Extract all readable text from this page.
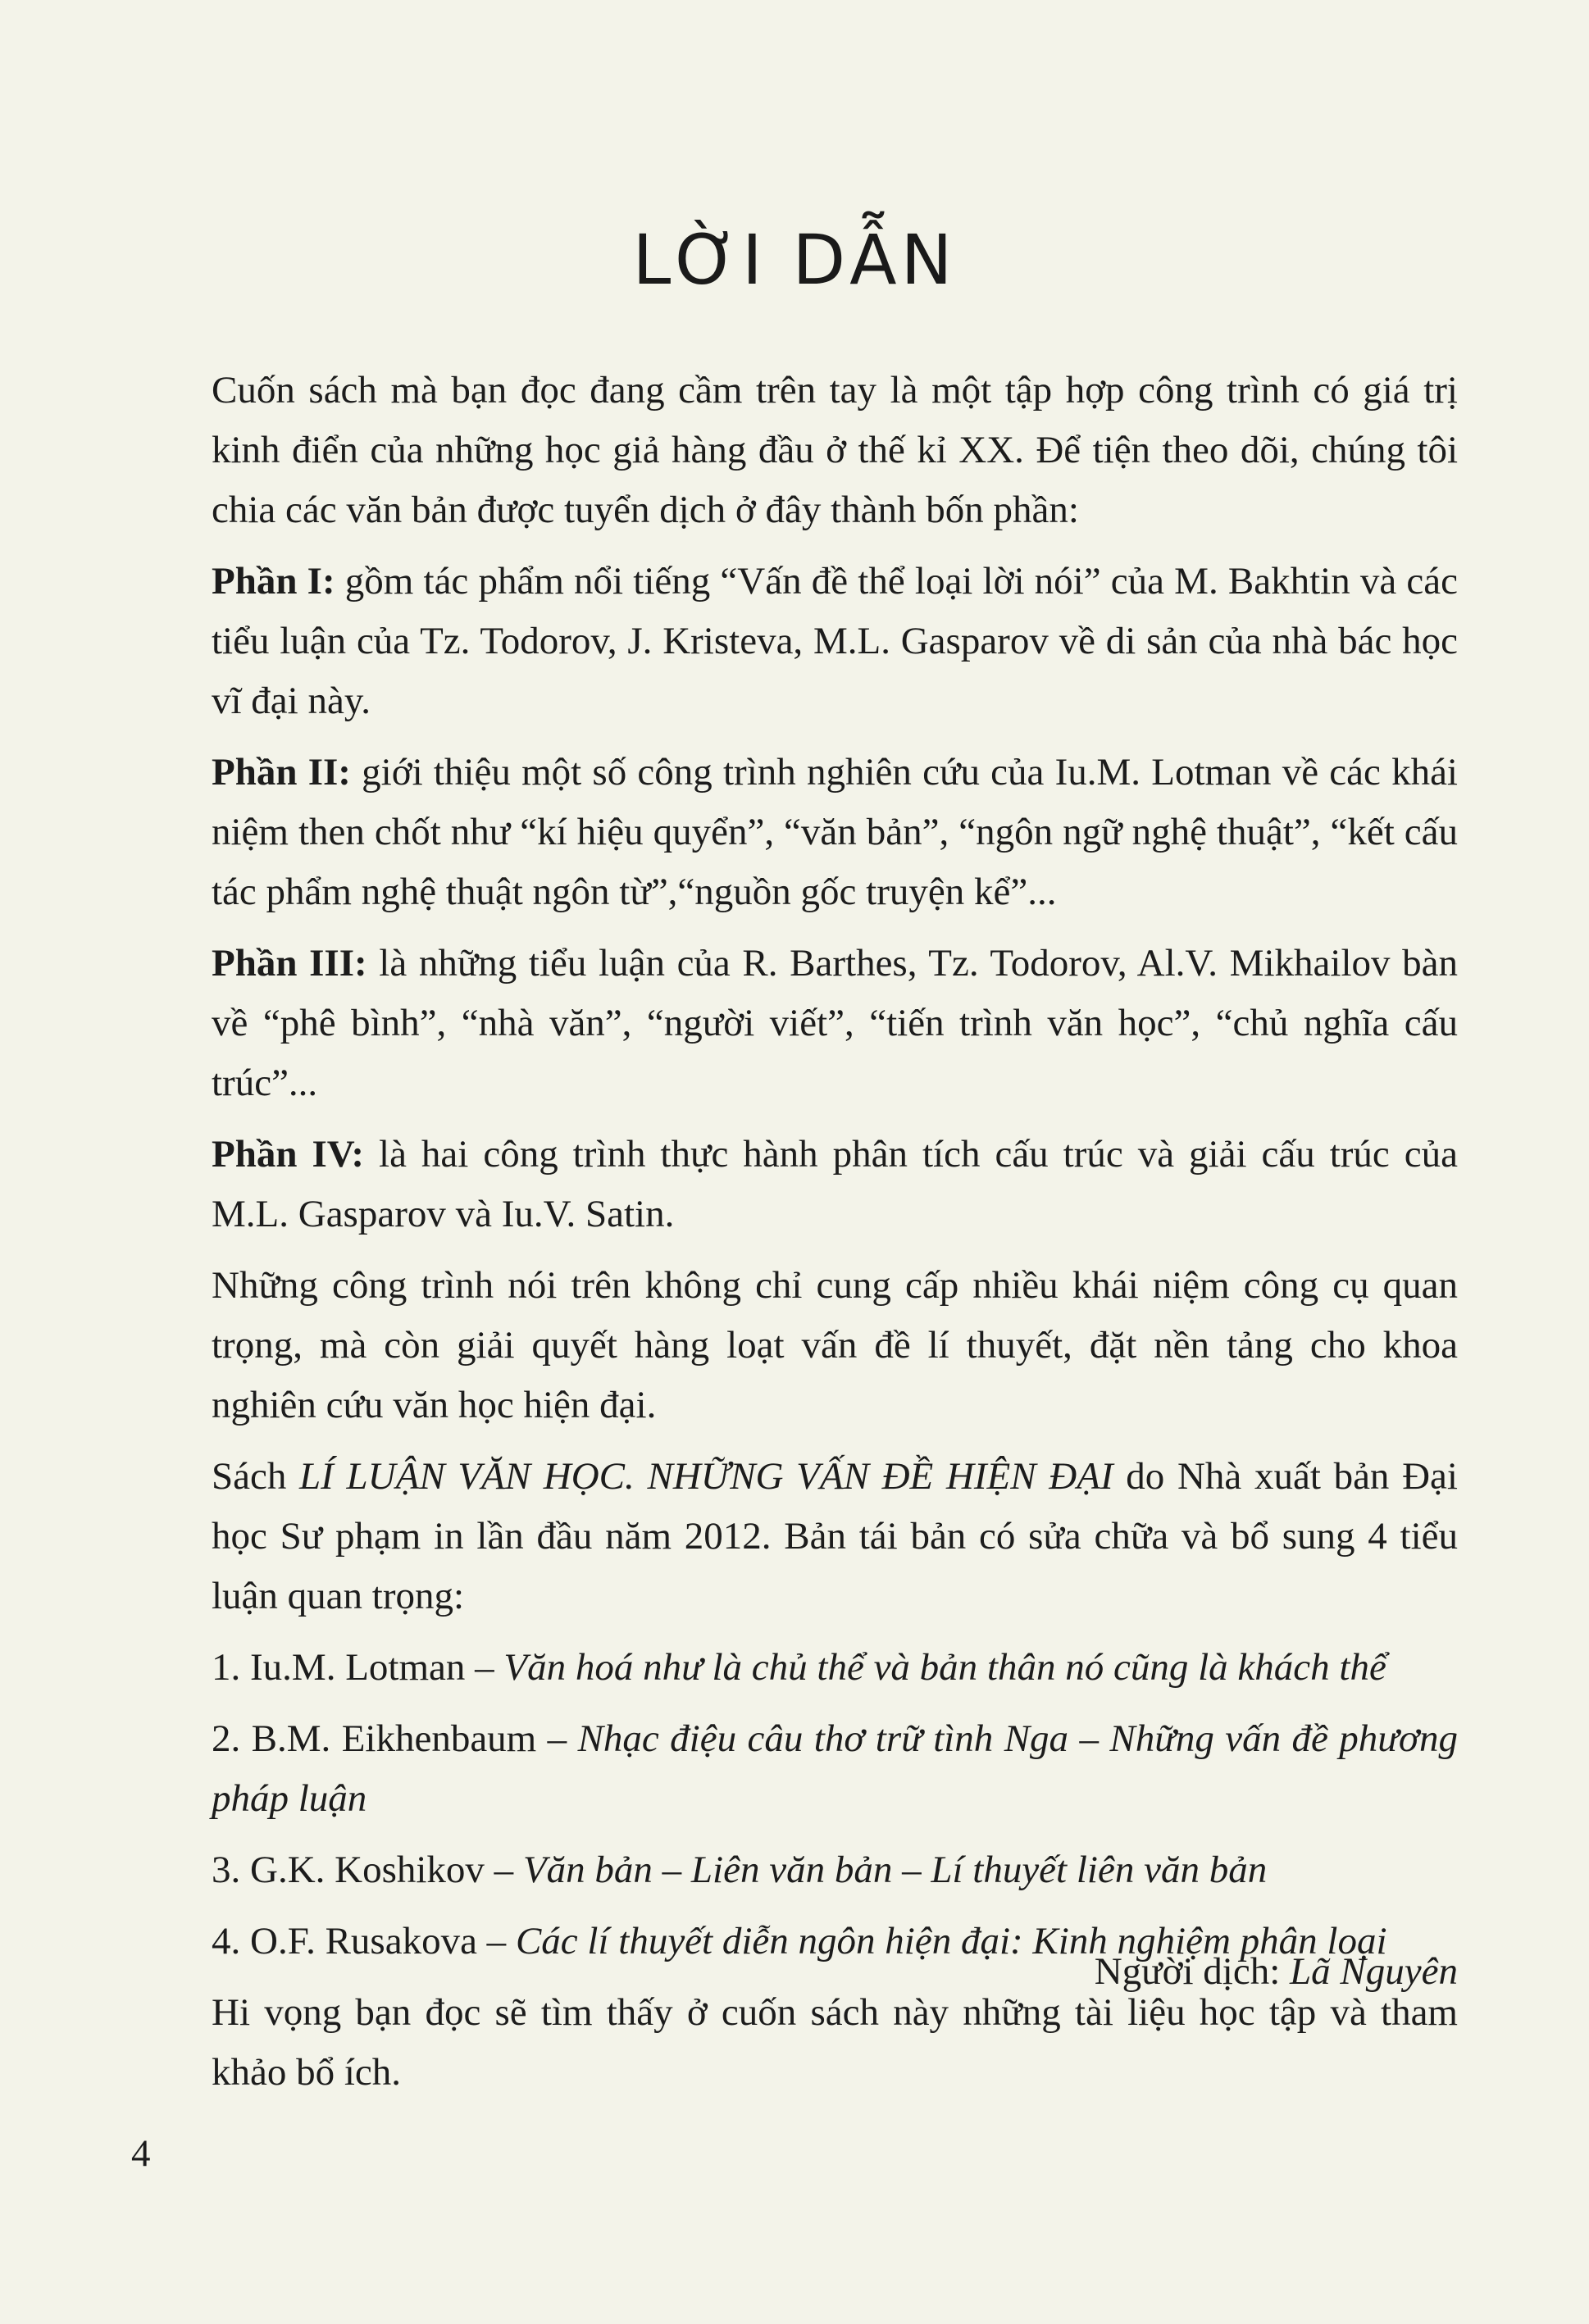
LỜI DẪN

Cuốn sách mà bạn đọc đang cầm trên tay là một tập hợp công trình có giá trị kinh điển của những học giả hàng đầu ở thế kỉ XX. Để tiện theo dõi, chúng tôi chia các văn bản được tuyển dịch ở đây thành bốn phần:

Phần I: gồm tác phẩm nổi tiếng “Vấn đề thể loại lời nói” của M. Bakhtin và các tiểu luận của Tz. Todorov, J. Kristeva, M.L. Gasparov về di sản của nhà bác học vĩ đại này.

Phần II: giới thiệu một số công trình nghiên cứu của Iu.M. Lotman về các khái niệm then chốt như “kí hiệu quyển”, “văn bản”, “ngôn ngữ nghệ thuật”, “kết cấu tác phẩm nghệ thuật ngôn từ”,“nguồn gốc truyện kể”...

Phần III: là những tiểu luận của R. Barthes, Tz. Todorov, Al.V. Mikhailov bàn về “phê bình”, “nhà văn”, “người viết”, “tiến trình văn học”, “chủ nghĩa cấu trúc”...

Phần IV: là hai công trình thực hành phân tích cấu trúc và giải cấu trúc của M.L. Gasparov và Iu.V. Satin.

Những công trình nói trên không chỉ cung cấp nhiều khái niệm công cụ quan trọng, mà còn giải quyết hàng loạt vấn đề lí thuyết, đặt nền tảng cho khoa nghiên cứu văn học hiện đại.

Sách LÍ LUẬN VĂN HỌC. NHỮNG VẤN ĐỀ HIỆN ĐẠI do Nhà xuất bản Đại học Sư phạm in lần đầu năm 2012. Bản tái bản có sửa chữa và bổ sung 4 tiểu luận quan trọng:

1. Iu.M. Lotman – Văn hoá như là chủ thể và bản thân nó cũng là khách thể

2. B.M. Eikhenbaum – Nhạc điệu câu thơ trữ tình Nga – Những vấn đề phương pháp luận

3. G.K. Koshikov – Văn bản – Liên văn bản – Lí thuyết liên văn bản

4. O.F. Rusakova – Các lí thuyết diễn ngôn hiện đại: Kinh nghiệm phân loại

Hi vọng bạn đọc sẽ tìm thấy ở cuốn sách này những tài liệu học tập và tham khảo bổ ích.

Người dịch: Lã Nguyên
4
